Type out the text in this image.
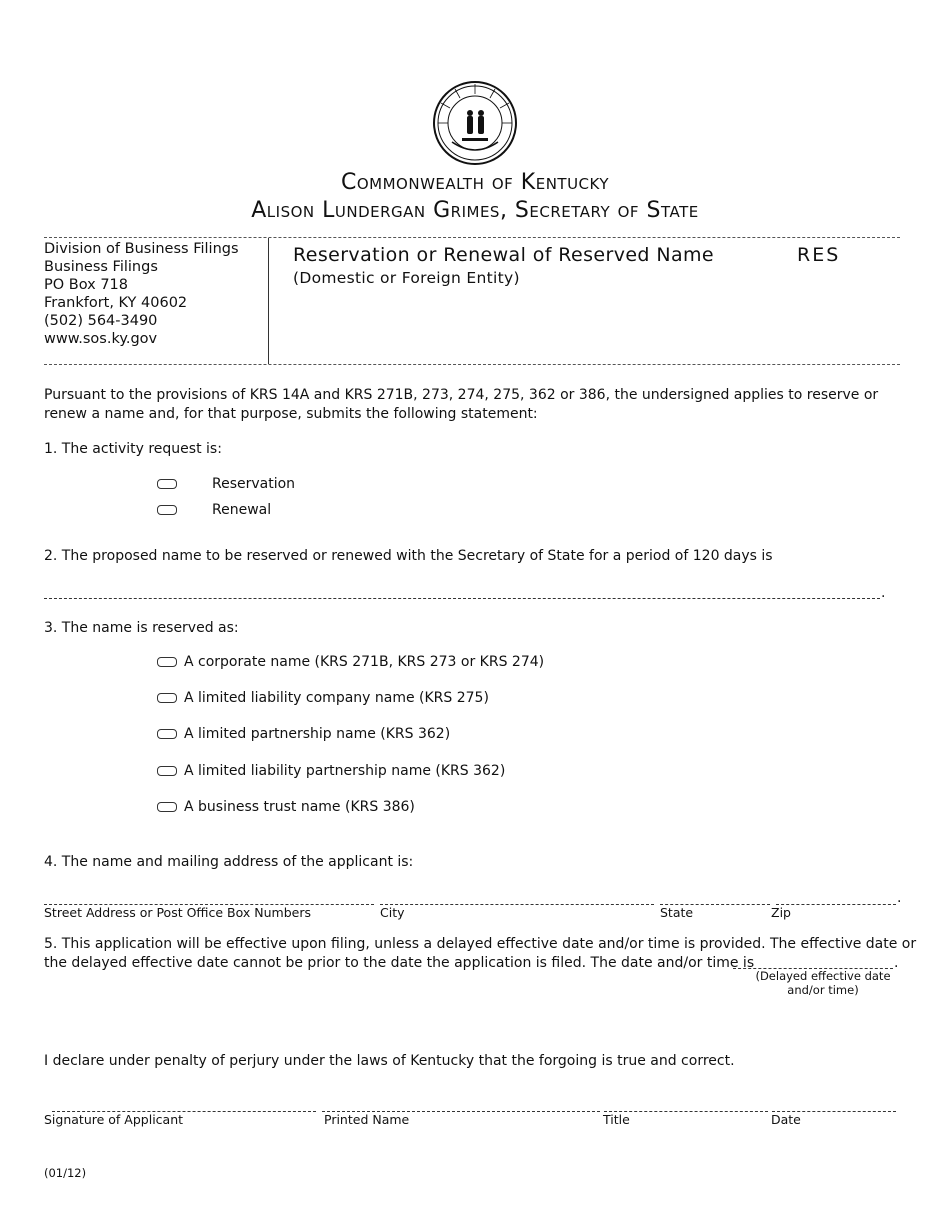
Commonwealth of Kentucky
Alison Lundergan Grimes, Secretary of State
Division of Business Filings
Business Filings
PO Box 718
Frankfort, KY 40602
(502) 564-3490
www.sos.ky.gov
Reservation or Renewal of Reserved Name	RES
(Domestic or Foreign Entity)
Pursuant to the provisions of KRS 14A and KRS 271B, 273, 274, 275, 362 or 386, the undersigned applies to reserve or
renew a name and, for that purpose, submits the following statement:
1. The activity request is:
Reservation
Renewal
2. The proposed name to be reserved or renewed with the Secretary of State for a period of 120 days is
.
3. The name is reserved as:
A corporate name (KRS 271B, KRS 273 or KRS 274)
A limited liability company name (KRS 275)
A limited partnership name (KRS 362)
A limited liability partnership name (KRS 362)
A business trust name (KRS 386)
4. The name and mailing address of the applicant is:
.
Street Address or Post Office Box Numbers	City	State	Zip
5. This application will be effective upon filing, unless a delayed effective date and/or time is provided. The effective date or
the delayed effective date cannot be prior to the date the application is filed. The date and/or time is	.
(Delayed effective date
and/or time)
I declare under penalty of perjury under the laws of Kentucky that the forgoing is true and correct.
Signature of Applicant	Printed Name	Title	Date
(01/12)
